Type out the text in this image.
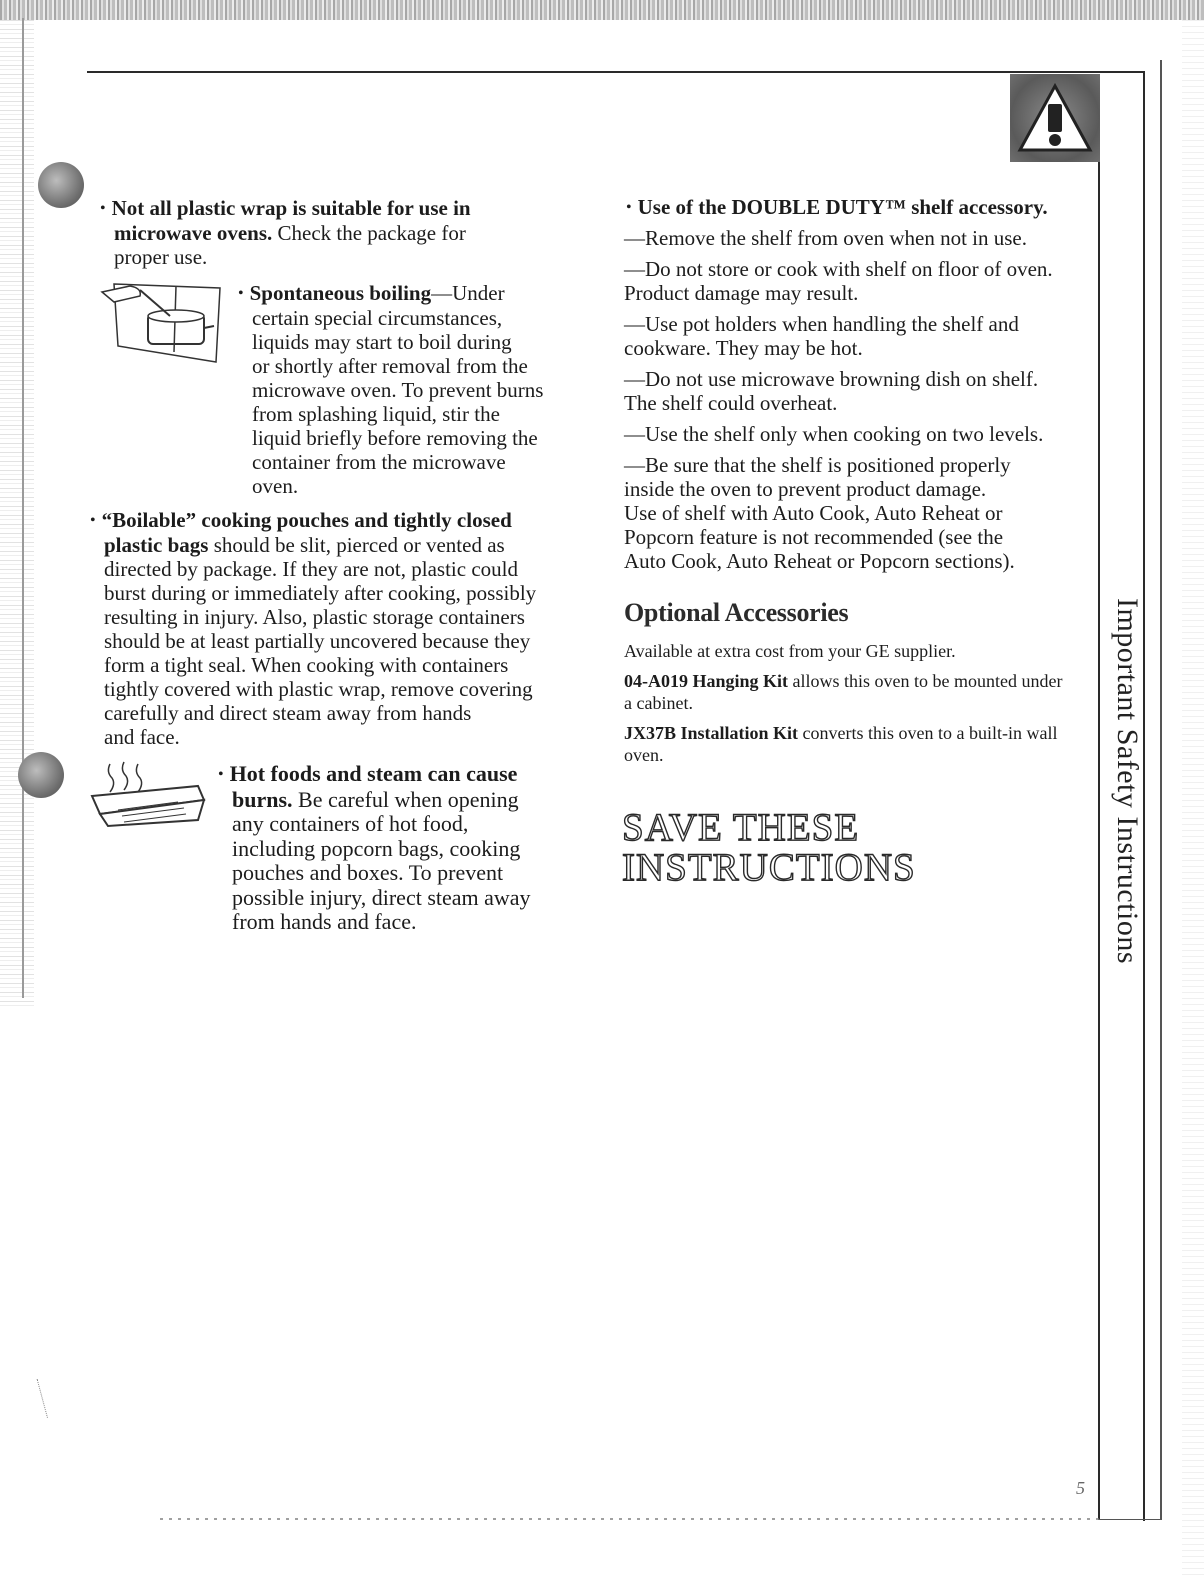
Important Safety Instructions

• Not all plastic wrap is suitable for use in

microwave ovens. Check the package for

proper use.

• Spontaneous boiling—Under

certain special circumstances,

liquids may start to boil during

or shortly after removal from the

microwave oven. To prevent burns

from splashing liquid, stir the

liquid briefly before removing the

container from the microwave

oven.

• “Boilable” cooking pouches and tightly closed

plastic bags should be slit, pierced or vented as

directed by package. If they are not, plastic could

burst during or immediately after cooking, possibly

resulting in injury. Also, plastic storage containers

should be at least partially uncovered because they

form a tight seal. When cooking with containers

tightly covered with plastic wrap, remove covering

carefully and direct steam away from hands

and face.

• Hot foods and steam can cause

burns. Be careful when opening

any containers of hot food,

including popcorn bags, cooking

pouches and boxes. To prevent

possible injury, direct steam away

from hands and face.

• Use of the DOUBLE DUTY™ shelf accessory.

—Remove the shelf from oven when not in use.
—Do not store or cook with shelf on floor of oven.
Product damage may result.
—Use pot holders when handling the shelf and
cookware. They may be hot.
—Do not use microwave browning dish on shelf.
The shelf could overheat.
—Use the shelf only when cooking on two levels.
—Be sure that the shelf is positioned properly
inside the oven to prevent product damage.
Use of shelf with Auto Cook, Auto Reheat or
Popcorn feature is not recommended (see the
Auto Cook, Auto Reheat or Popcorn sections).
Optional Accessories

Available at extra cost from your GE supplier.

04-A019 Hanging Kit allows this oven to be mounted under a cabinet.

JX37B Installation Kit converts this oven to a built-in wall oven.

SAVE THESE
INSTRUCTIONS
5
